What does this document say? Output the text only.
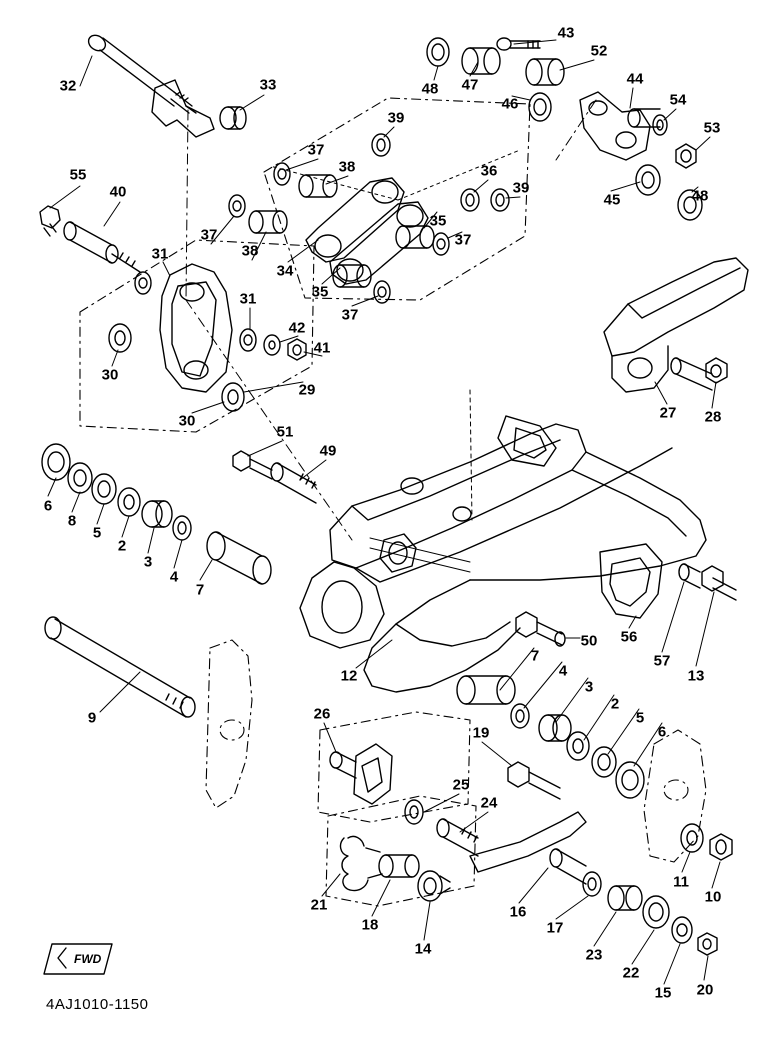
FWD
4AJ1010-1150
32	33
43
52
48 47
46
44
54
53
39
37
38	36
39
45	48
55
40
37
38
35
37
31
34
35
37
31
42
41
29
30
30	27 28
51
49
6
8
5
2
3
4
7
50 56
57
13
12
7
4
3
2
5
6
9	26
19
25
24
11
10
21
18
14
16
17
23
22
15 20
